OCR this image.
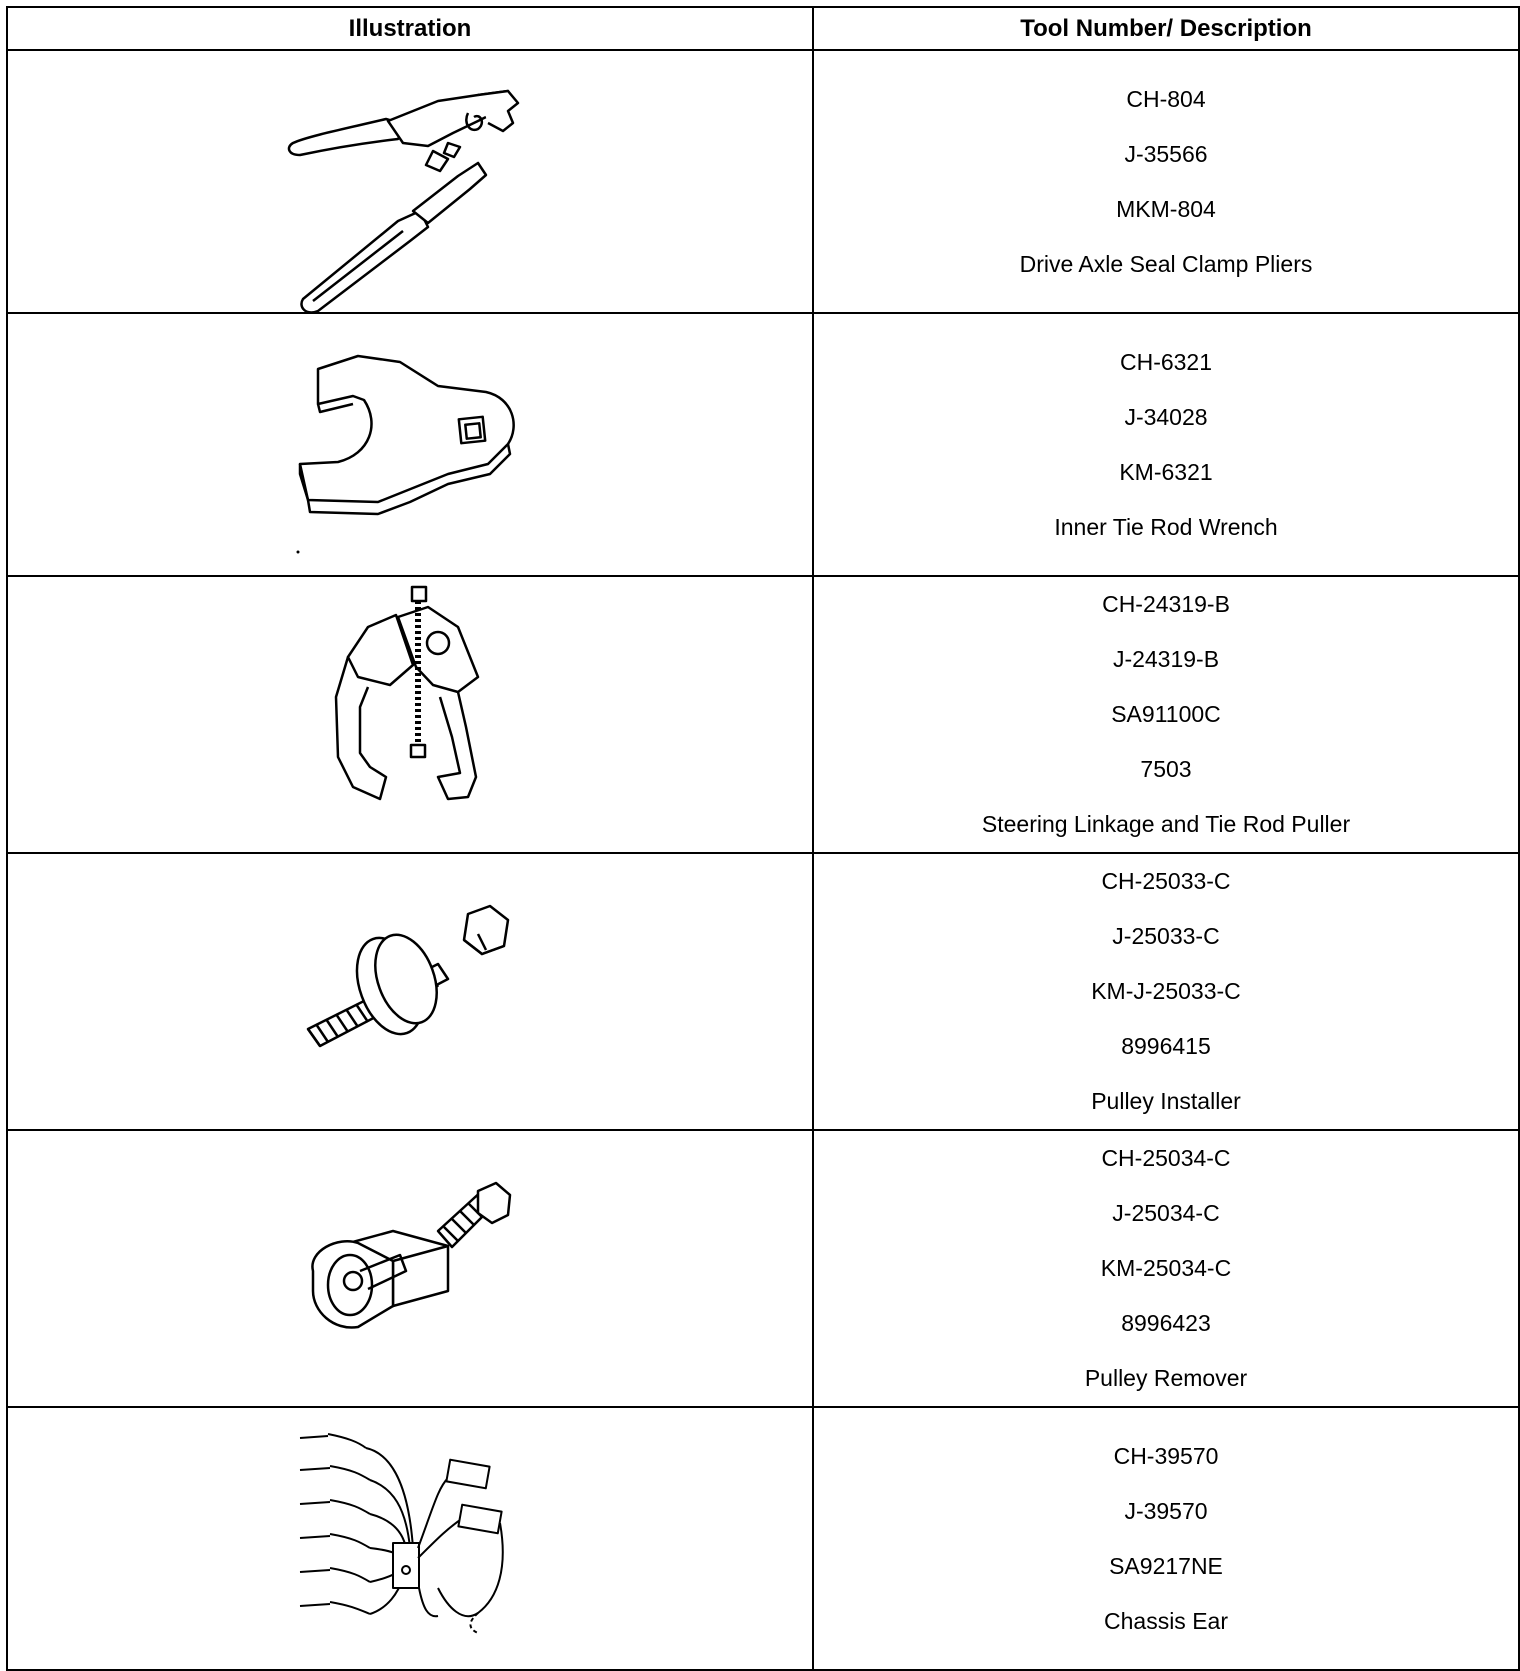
Illustration	Tool Number/ Description

CH-804
J-35566
MKM-804
Drive Axle Seal Clamp Pliers

CH-6321
J-34028
KM-6321
Inner Tie Rod Wrench

CH-24319-B
J-24319-B
SA91100C
7503
Steering Linkage and Tie Rod Puller

CH-25033-C
J-25033-C
KM-J-25033-C
8996415
Pulley Installer

CH-25034-C
J-25034-C
KM-25034-C
8996423
Pulley Remover

CH-39570
J-39570
SA9217NE
Chassis Ear
